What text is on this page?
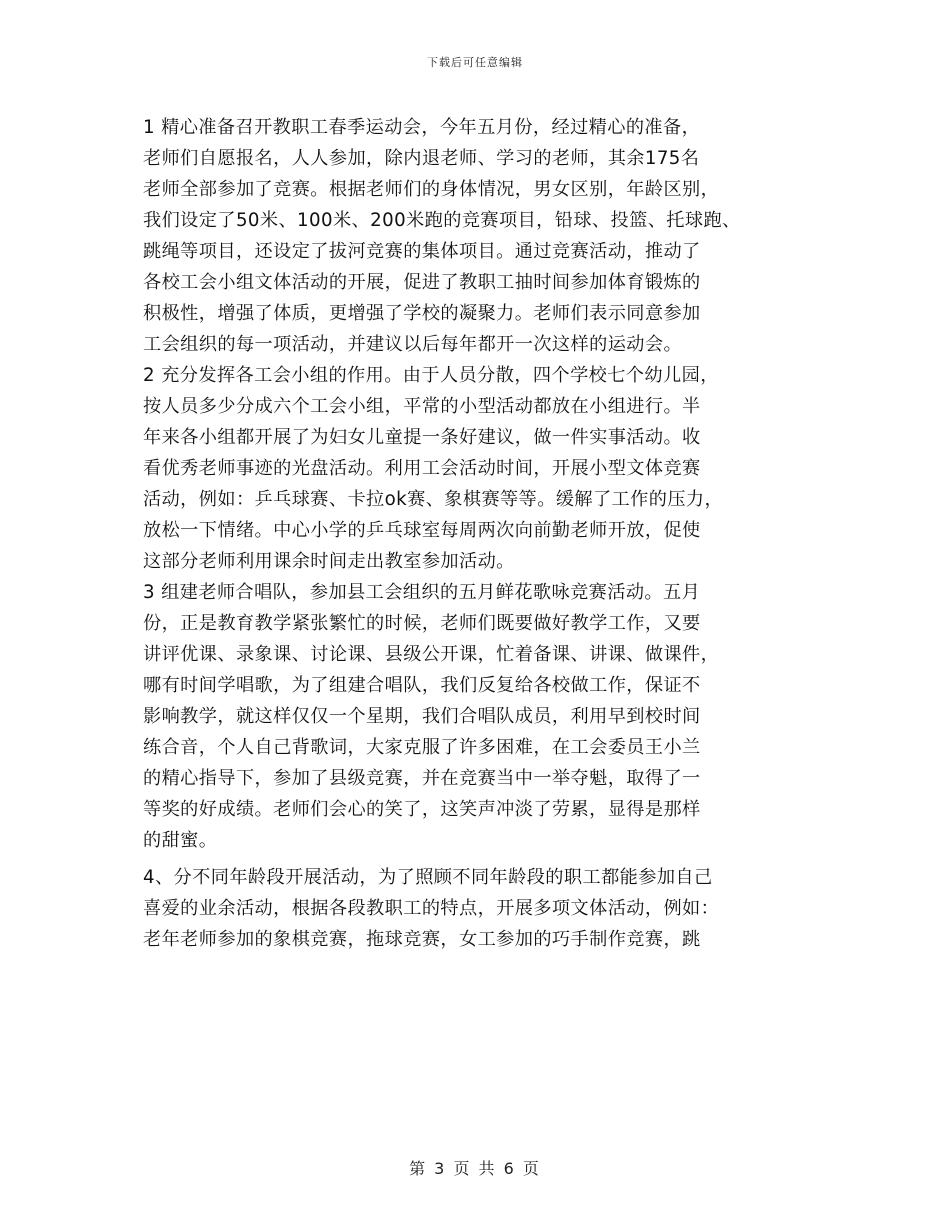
下载后可任意编辑
1 精心准备召开教职工春季运动会，今年五月份，经过精心的准备，
老师们自愿报名，人人参加，除内退老师、学习的老师，其余175名
老师全部参加了竞赛。根据老师们的身体情况，男女区别，年龄区别，
我们设定了50米、100米、200米跑的竞赛项目，铅球、投篮、托球跑、
跳绳等项目，还设定了拔河竞赛的集体项目。通过竞赛活动，推动了
各校工会小组文体活动的开展，促进了教职工抽时间参加体育锻炼的
积极性，增强了体质，更增强了学校的凝聚力。老师们表示同意参加
工会组织的每一项活动，并建议以后每年都开一次这样的运动会。
2 充分发挥各工会小组的作用。由于人员分散，四个学校七个幼儿园，
按人员多少分成六个工会小组，平常的小型活动都放在小组进行。半
年来各小组都开展了为妇女儿童提一条好建议，做一件实事活动。收
看优秀老师事迹的光盘活动。利用工会活动时间，开展小型文体竞赛
活动，例如：乒乓球赛、卡拉ok赛、象棋赛等等。缓解了工作的压力，
放松一下情绪。中心小学的乒乓球室每周两次向前勤老师开放，促使
这部分老师利用课余时间走出教室参加活动。
3 组建老师合唱队，参加县工会组织的五月鲜花歌咏竞赛活动。五月
份，正是教育教学紧张繁忙的时候，老师们既要做好教学工作，又要
讲评优课、录象课、讨论课、县级公开课，忙着备课、讲课、做课件，
哪有时间学唱歌，为了组建合唱队，我们反复给各校做工作，保证不
影响教学，就这样仅仅一个星期，我们合唱队成员，利用早到校时间
练合音，个人自己背歌词，大家克服了许多困难，在工会委员王小兰
的精心指导下，参加了县级竞赛，并在竞赛当中一举夺魁，取得了一
等奖的好成绩。老师们会心的笑了，这笑声冲淡了劳累，显得是那样
的甜蜜。
4、分不同年龄段开展活动，为了照顾不同年龄段的职工都能参加自己
喜爱的业余活动，根据各段教职工的特点，开展多项文体活动，例如：
老年老师参加的象棋竞赛，拖球竞赛，女工参加的巧手制作竞赛，跳
第 3 页 共 6 页
